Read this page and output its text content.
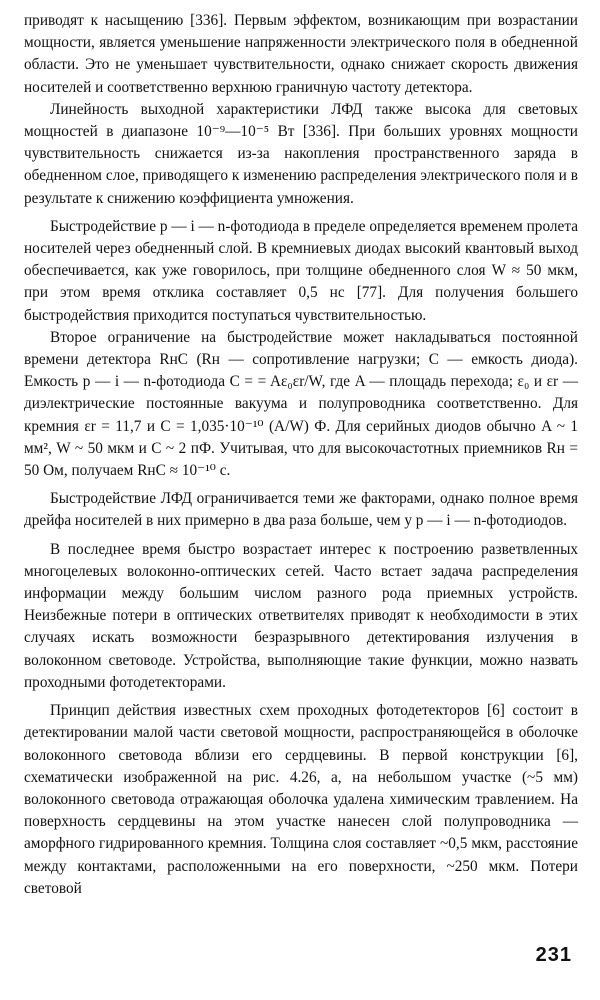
приводят к насыщению [336]. Первым эффектом, возникающим при возрастании мощности, является уменьшение напряженности электрического поля в обедненной области. Это не уменьшает чувствительности, однако снижает скорость движения носителей и соответственно верхнюю граничную частоту детектора.

Линейность выходной характеристики ЛФД также высока для световых мощностей в диапазоне 10⁻⁹—10⁻⁵ Вт [336]. При больших уровнях мощности чувствительность снижается из-за накопления пространственного заряда в обедненном слое, приводящего к изменению распределения электрического поля и в результате к снижению коэффициента умножения.

Быстродействие p — i — n-фотодиода в пределе определяется временем пролета носителей через обедненный слой. В кремниевых диодах высокий квантовый выход обеспечивается, как уже говорилось, при толщине обедненного слоя W ≈ 50 мкм, при этом время отклика составляет 0,5 нс [77]. Для получения большего быстродействия приходится поступаться чувствительностью.

Второе ограничение на быстродействие может накладываться постоянной времени детектора RнC (Rн — сопротивление нагрузки; C — емкость диода). Емкость p — i — n-фотодиода C = = Aε₀εr/W, где A — площадь перехода; ε₀ и εr — диэлектрические постоянные вакуума и полупроводника соответственно. Для кремния εr = 11,7 и C = 1,035·10⁻¹⁰ (A/W) Ф. Для серийных диодов обычно A ~ 1 мм², W ~ 50 мкм и C ~ 2 пФ. Учитывая, что для высокочастотных приемников Rн = 50 Ом, получаем RнC ≈ 10⁻¹⁰ с.

Быстродействие ЛФД ограничивается теми же факторами, однако полное время дрейфа носителей в них примерно в два раза больше, чем у p — i — n-фотодиодов.

В последнее время быстро возрастает интерес к построению разветвленных многоцелевых волоконно-оптических сетей. Часто встает задача распределения информации между большим числом разного рода приемных устройств. Неизбежные потери в оптических ответвителях приводят к необходимости в этих случаях искать возможности безразрывного детектирования излучения в волоконном световоде. Устройства, выполняющие такие функции, можно назвать проходными фотодетекторами.

Принцип действия известных схем проходных фотодетекторов [6] состоит в детектировании малой части световой мощности, распространяющейся в оболочке волоконного световода вблизи его сердцевины. В первой конструкции [6], схематически изображенной на рис. 4.26, a, на небольшом участке (~5 мм) волоконного световода отражающая оболочка удалена химическим травлением. На поверхность сердцевины на этом участке нанесен слой полупроводника — аморфного гидрированного кремния. Толщина слоя составляет ~0,5 мкм, расстояние между контактами, расположенными на его поверхности, ~250 мкм. Потери световой

231
